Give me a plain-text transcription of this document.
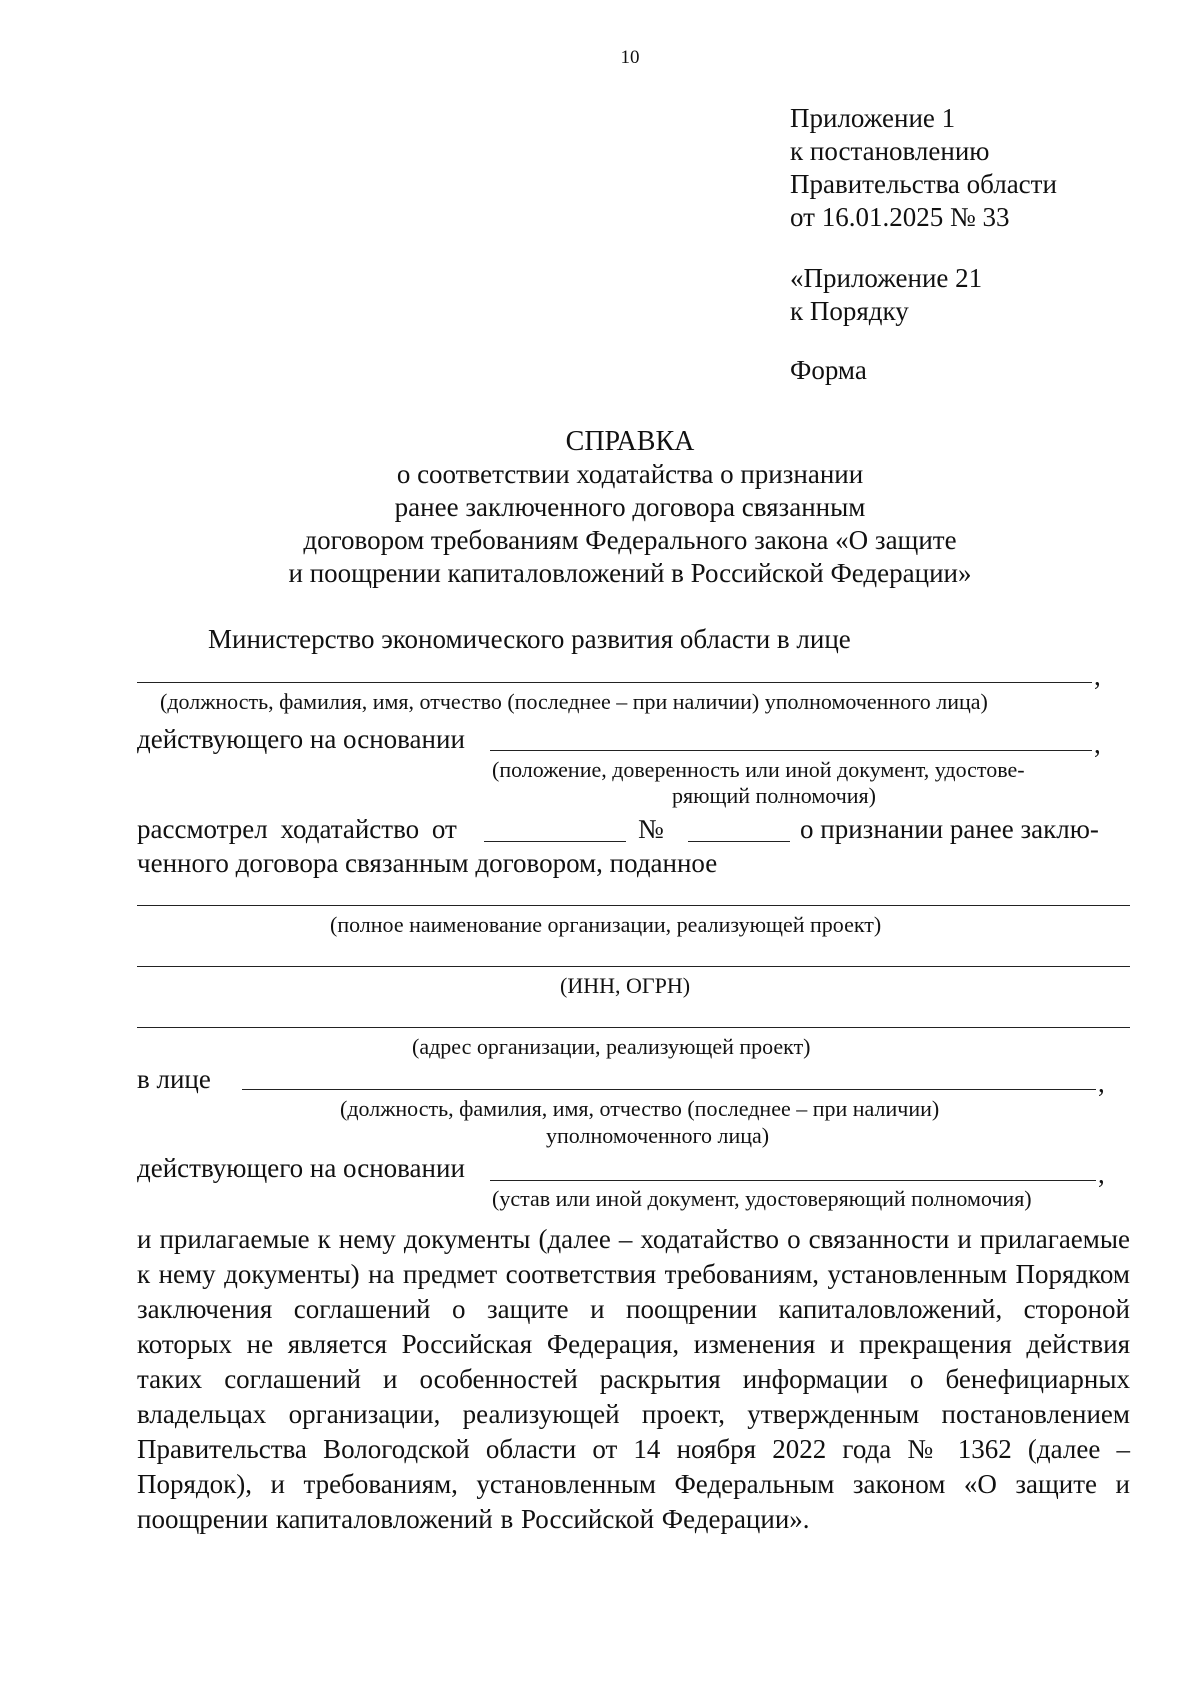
10
Приложение 1
к постановлению
Правительства области
от 16.01.2025 № 33
«Приложение 21
к Порядку
Форма
СПРАВКА
о соответствии ходатайства о признании
ранее заключенного договора связанным
договором требованиям Федерального закона «О защите
и поощрении капиталовложений в Российской Федерации»
Министерство экономического развития области в лице
,
(должность, фамилия, имя, отчество (последнее – при наличии) уполномоченного лица)
действующего на основании	,
(положение, доверенность или иной документ, удостове-
ряющий полномочия)
рассмотрел ходатайство от	№	о признании ранее заклю-
ченного договора связанным договором, поданное
(полное наименование организации, реализующей проект)
(ИНН, ОГРН)
(адрес организации, реализующей проект)
в лице	,
(должность, фамилия, имя, отчество (последнее – при наличии)
уполномоченного лица)
действующего на основании	,
(устав или иной документ, удостоверяющий полномочия)
и прилагаемые к нему документы (далее – ходатайство о связанности и прилагаемые к нему документы) на предмет соответствия требованиям, установленным Порядком заключения соглашений о защите и поощрении капиталовложений, стороной которых не является Российская Федерация, изменения и прекращения действия таких соглашений и особенностей раскрытия информации о бенефициарных владельцах организации, реализующей проект, утвержденным постановлением Правительства Вологодской области от 14 ноября 2022 года № 1362 (далее – Порядок), и требованиям, установленным Федеральным законом «О защите и поощрении капиталовложений в Российской Федерации».
